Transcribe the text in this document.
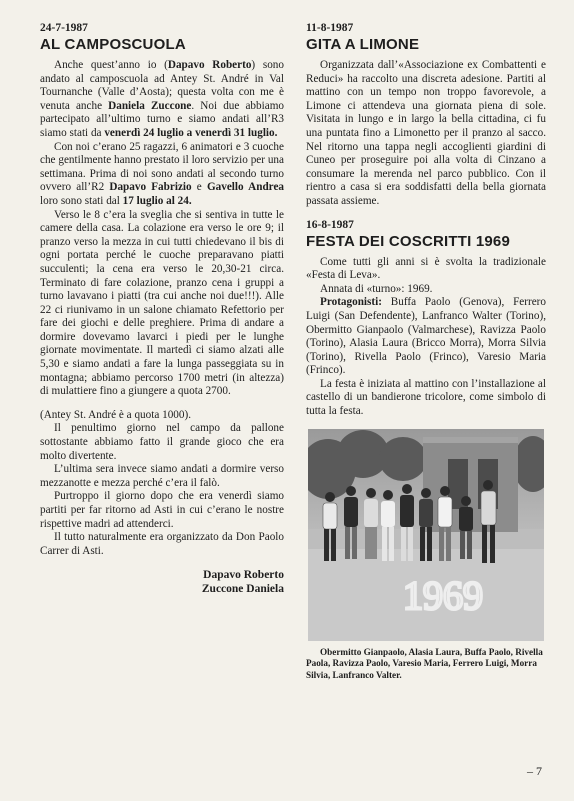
24-7-1987
AL CAMPOSCUOLA

Anche quest’anno io (Dapavo Roberto) sono andato al camposcuola ad Antey St. André in Val Tournanche (Valle d’Aosta); questa volta con me è venuta anche Daniela Zuccone. Noi due abbiamo partecipato all’ultimo turno e siamo andati all’R3 siamo stati da venerdì 24 luglio a venerdì 31 luglio.

Con noi c’erano 25 ragazzi, 6 animatori e 3 cuoche che gentilmente hanno prestato il loro servizio per una settimana. Prima di noi sono andati al secondo turno ovvero all’R2 Dapavo Fabrizio e Gavello Andrea loro sono stati dal 17 luglio al 24.

Verso le 8 c’era la sveglia che si sentiva in tutte le camere della casa. La colazione era verso le ore 9; il pranzo verso la mezza in cui tutti chiedevano il bis di ogni portata perché le cuoche preparavano piatti succulenti; la cena era verso le 20,30-21 circa. Terminato di fare colazione, pranzo cena i gruppi a turno lavavano i piatti (tra cui anche noi due!!!). Alle 22 ci riunivamo in un salone chiamato Refettorio per fare dei giochi e delle preghiere. Prima di andare a dormire dovevamo lavarci i piedi per le lunghe giornate movimentate. Il martedì ci siamo alzati alle 5,30 e siamo andati a fare la lunga passeggiata su in montagna; abbiamo percorso 1700 metri (in altezza) di mulattiere fino a giungere a quota 2700.

(Antey St. André è a quota 1000).

Il penultimo giorno nel campo da pallone sottostante abbiamo fatto il grande gioco che era molto divertente.

L’ultima sera invece siamo andati a dormire verso mezzanotte e mezza perché c’era il falò.

Purtroppo il giorno dopo che era venerdì siamo partiti per far ritorno ad Asti in cui c’erano le nostre rispettive madri ad attenderci.

Il tutto naturalmente era organizzato da Don Paolo Carrer di Asti.

Dapavo Roberto

Zuccone Daniela

11-8-1987
GITA A LIMONE

Organizzata dall’«Associazione ex Combattenti e Reduci» ha raccolto una discreta adesione. Partiti al mattino con un tempo non troppo favorevole, a Limone ci attendeva una giornata piena di sole. Visitata in lungo e in largo la bella cittadina, ci fu una puntata fino a Limonetto per il pranzo al sacco. Nel ritorno una tappa negli accoglienti giardini di Cuneo per proseguire poi alla volta di Cinzano a consumare la merenda nel parco pubblico. Con il rientro a casa si era soddisfatti della bella giornata passata assieme.

16-8-1987
FESTA DEI COSCRITTI 1969

Come tutti gli anni si è svolta la tradizionale «Festa di Leva».

Annata di «turno»: 1969.

Protagonisti: Buffa Paolo (Genova), Ferrero Luigi (San Defendente), Lanfranco Walter (Torino), Obermitto Gianpaolo (Valmarchese), Ravizza Paolo (Torino), Alasia Laura (Bricco Morra), Morra Silvia (Torino), Rivella Paolo (Frinco), Varesio Maria (Frinco).

La festa è iniziata al mattino con l’installazione al castello di un bandierone tricolore, come simbolo di tutta la festa.

1969

Obermitto Gianpaolo, Alasia Laura, Buffa Paolo, Rivella Paola, Ravizza Paolo, Varesio Maria, Ferrero Luigi, Morra Silvia, Lanfranco Valter.

– 7
